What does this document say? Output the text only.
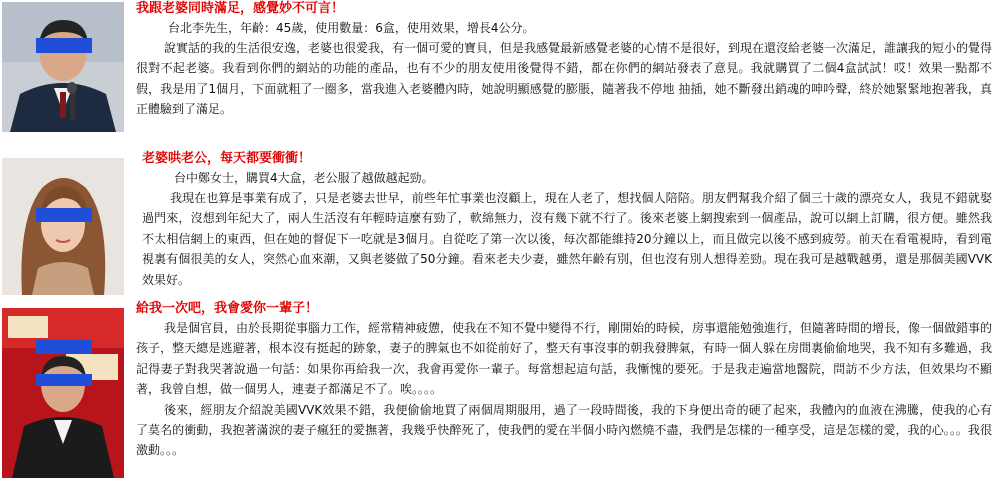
我跟老婆同時滿足，感覺妙不可言！

台北李先生，年齡：45歲，使用數量：6盒，使用效果，增長4公分。

說實話的我的生活很安逸，老婆也很愛我，有一個可愛的寶貝，但是我感覺最新感覺老婆的心情不是很好，到現在還沒給老婆一次滿足，誰讓我的短小的覺得很對不起老婆。我看到你們的網站的功能的產品，也有不少的朋友使用後覺得不錯，都在你們的網站發表了意見。我就購買了二個4盒試試！哎！效果一點都不假，我是用了1個月，下面就粗了一圈多，當我進入老婆體內時，她說明顯感覺的膨脹，隨著我不停地 抽插，她不斷發出銷魂的呻吟聲，終於她緊緊地抱著我，真正體驗到了滿足。

老婆哄老公，每天都要衝衝！

台中鄭女士，購買4大盒，老公服了越做越起勁。

我現在也算是事業有成了，只是老婆去世早，前些年忙事業也沒顧上，現在人老了，想找個人陪陪。朋友們幫我介紹了個三十歲的漂亮女人，我見不錯就娶過門來，沒想到年紀大了，兩人生活沒有年輕時這麼有勁了，軟綿無力，沒有幾下就不行了。後來老婆上網搜索到一個產品，說可以網上訂購，很方便。雖然我不太相信網上的東西，但在她的督促下一吃就是3個月。自從吃了第一次以後，每次都能維持20分鐘以上，而且做完以後不感到疲勞。前天在看電視時，看到電視裏有個很美的女人，突然心血來潮，又與老婆做了50分鐘。看來老夫少妻，雖然年齡有別，但也沒有別人想得差勁。現在我可是越戰越勇，還是那個美國VVK效果好。

給我一次吧，我會愛你一輩子！

我是個官員，由於長期從事腦力工作，經常精神疲憊，使我在不知不覺中變得不行，剛開始的時候，房事還能勉強進行，但隨著時間的增長，像一個做錯事的孩子，整天總是逃避著，根本沒有挺起的跡象，妻子的脾氣也不如從前好了，整天有事沒事的朝我發脾氣，有時一個人躲在房間裏偷偷地哭，我不知有多難過，我記得妻子對我哭著說過一句話：如果你再給我一次，我會再愛你一輩子。每當想起這句話，我慚愧的要死。于是我走遍當地醫院，問訪不少方法，但效果均不顯著，我曾自想，做一個男人，連妻子都滿足不了。唉。。。。

後來，經朋友介紹說美國VVK效果不錯，我便偷偷地買了兩個周期服用，過了一段時間後，我的下身便出奇的硬了起來，我體內的血液在沸騰，使我的心有了莫名的衝動，我抱著滿淚的妻子瘋狂的愛撫著，我幾乎快醉死了，使我們的愛在半個小時內燃燒不盡，我們是怎樣的一種享受，這是怎樣的愛，我的心。。。我很激動。。。
